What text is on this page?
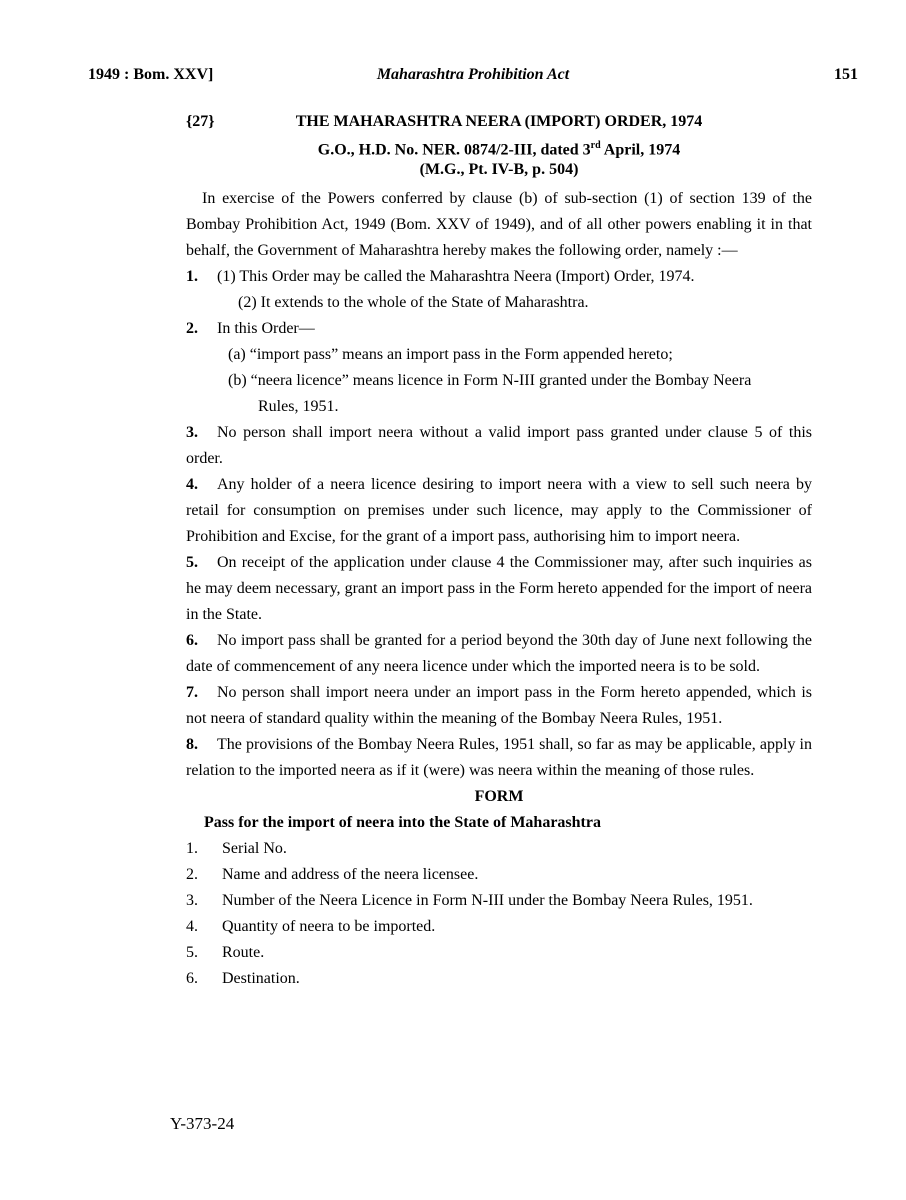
1949 : Bom. XXV]	Maharashtra Prohibition Act	151
{27}	THE MAHARASHTRA NEERA (IMPORT) ORDER, 1974
G.O., H.D. No. NER. 0874/2-III, dated 3rd April, 1974
(M.G., Pt. IV-B, p. 504)

In exercise of the Powers conferred by clause (b) of sub-section (1) of section 139 of the Bombay Prohibition Act, 1949 (Bom. XXV of 1949), and of all other powers enabling it in that behalf, the Government of Maharashtra hereby makes the following order, namely :—

1.	(1) This Order may be called the Maharashtra Neera (Import) Order, 1974.

(2) It extends to the whole of the State of Maharashtra.

2.	In this Order—

(a) “import pass” means an import pass in the Form appended hereto;

(b) “neera licence” means licence in Form N-III granted under the Bombay Neera

Rules, 1951.

3. No person shall import neera without a valid import pass granted under clause 5 of this order.

4. Any holder of a neera licence desiring to import neera with a view to sell such neera by retail for consumption on premises under such licence, may apply to the Commissioner of Prohibition and Excise, for the grant of a import pass, authorising him to import neera.

5. On receipt of the application under clause 4 the Commissioner may, after such inquiries as he may deem necessary, grant an import pass in the Form hereto appended for the import of neera in the State.

6. No import pass shall be granted for a period beyond the 30th day of June next following the date of commencement of any neera licence under which the imported neera is to be sold.

7. No person shall import neera under an import pass in the Form hereto appended, which is not neera of standard quality within the meaning of the Bombay Neera Rules, 1951.

8. The provisions of the Bombay Neera Rules, 1951 shall, so far as may be applicable, apply in relation to the imported neera as if it (were) was neera within the meaning of those rules.

FORM

Pass for the import of neera into the State of Maharashtra

1.	Serial No.
2.	Name and address of the neera licensee.
3.	Number of the Neera Licence in Form N-III under the Bombay Neera Rules, 1951.
4.	Quantity of neera to be imported.
5.	Route.
6.	Destination.
Y-373-24
